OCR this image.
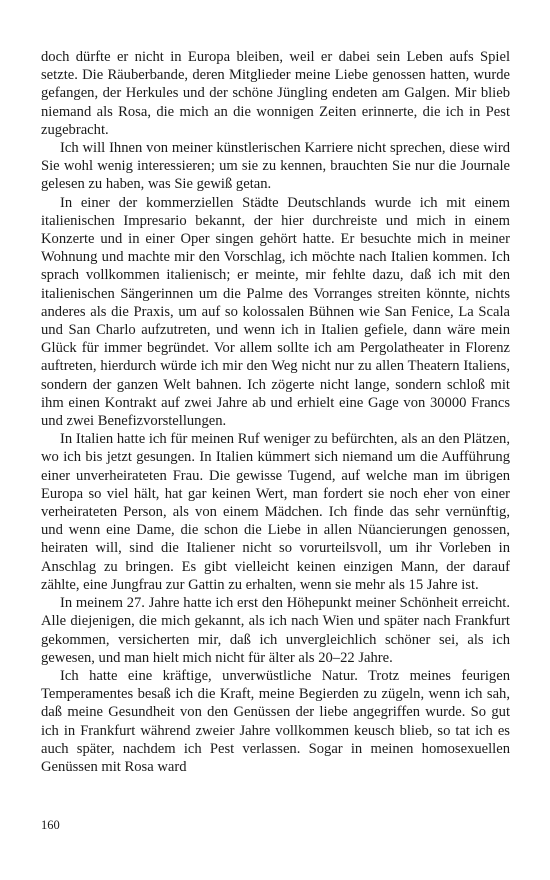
doch dürfte er nicht in Europa bleiben, weil er dabei sein Leben aufs Spiel setzte. Die Räuberbande, deren Mitglieder meine Liebe genossen hatten, wurde gefangen, der Herkules und der schöne Jüngling endeten am Galgen. Mir blieb niemand als Rosa, die mich an die wonnigen Zeiten erinnerte, die ich in Pest zugebracht.

Ich will Ihnen von meiner künstlerischen Karriere nicht sprechen, diese wird Sie wohl wenig interessieren; um sie zu kennen, brauchten Sie nur die Journale gelesen zu haben, was Sie gewiß getan.

In einer der kommerziellen Städte Deutschlands wurde ich mit einem italienischen Impresario bekannt, der hier durchreiste und mich in einem Konzerte und in einer Oper singen gehört hatte. Er besuchte mich in meiner Wohnung und machte mir den Vorschlag, ich möchte nach Italien kommen. Ich sprach vollkommen italienisch; er meinte, mir fehlte dazu, daß ich mit den italienischen Sängerinnen um die Palme des Vorranges streiten könnte, nichts anderes als die Praxis, um auf so kolossalen Bühnen wie San Fenice, La Scala und San Charlo aufzutreten, und wenn ich in Italien gefiele, dann wäre mein Glück für immer begründet. Vor allem sollte ich am Pergolatheater in Florenz auftreten, hierdurch würde ich mir den Weg nicht nur zu allen Theatern Italiens, sondern der ganzen Welt bahnen. Ich zögerte nicht lange, sondern schloß mit ihm einen Kontrakt auf zwei Jahre ab und erhielt eine Gage von 30000 Francs und zwei Benefizvorstellungen.

In Italien hatte ich für meinen Ruf weniger zu befürchten, als an den Plätzen, wo ich bis jetzt gesungen. In Italien kümmert sich niemand um die Aufführung einer unverheirateten Frau. Die gewisse Tugend, auf welche man im übrigen Europa so viel hält, hat gar keinen Wert, man fordert sie noch eher von einer verheirateten Person, als von einem Mädchen. Ich finde das sehr vernünftig, und wenn eine Dame, die schon die Liebe in allen Nüancierungen genossen, heiraten will, sind die Italiener nicht so vorurteilsvoll, um ihr Vorleben in Anschlag zu bringen. Es gibt vielleicht keinen einzigen Mann, der darauf zählte, eine Jungfrau zur Gattin zu erhalten, wenn sie mehr als 15 Jahre ist.

In meinem 27. Jahre hatte ich erst den Höhepunkt meiner Schönheit erreicht. Alle diejenigen, die mich gekannt, als ich nach Wien und später nach Frankfurt gekommen, versicherten mir, daß ich unvergleichlich schöner sei, als ich gewesen, und man hielt mich nicht für älter als 20–22 Jahre.

Ich hatte eine kräftige, unverwüstliche Natur. Trotz meines feurigen Temperamentes besaß ich die Kraft, meine Begierden zu zügeln, wenn ich sah, daß meine Gesundheit von den Genüssen der liebe angegriffen wurde. So gut ich in Frankfurt während zweier Jahre vollkommen keusch blieb, so tat ich es auch später, nachdem ich Pest verlassen. Sogar in meinen homosexuellen Genüssen mit Rosa ward

160
